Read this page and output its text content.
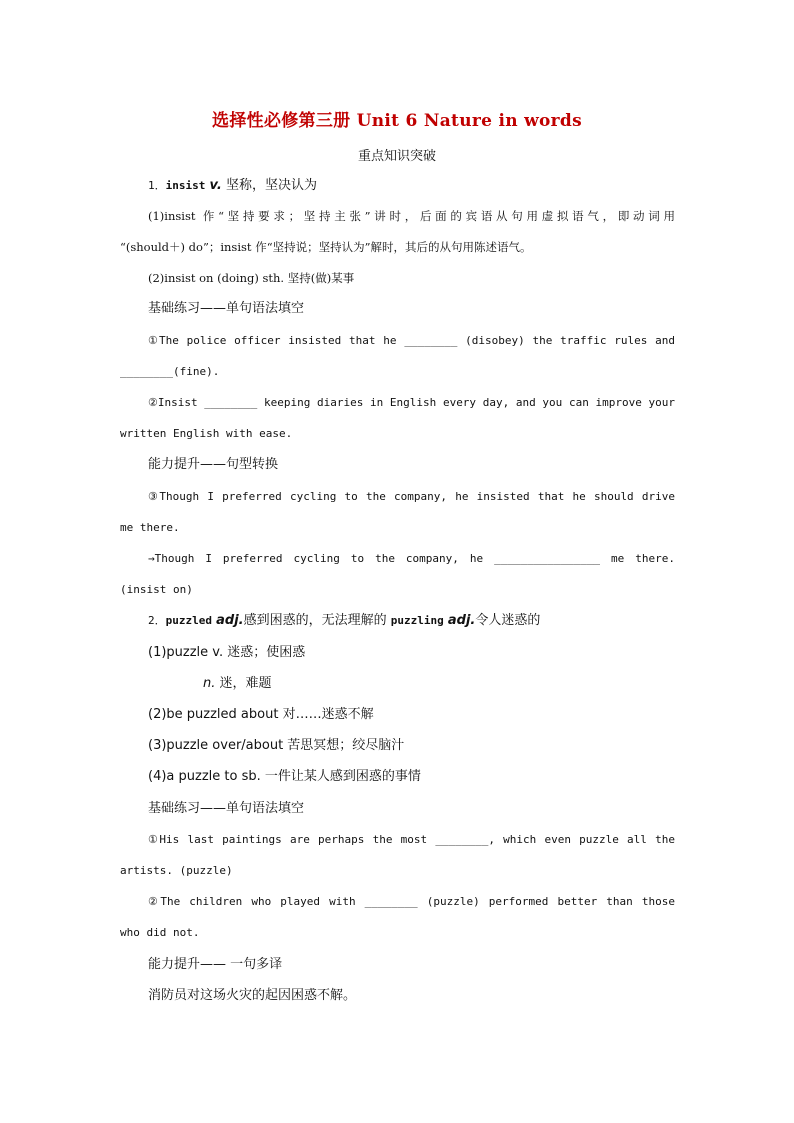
选择性必修第三册 Unit 6 Nature in words
重点知识突破
1．insist v. 坚称，坚决认为
(1)insist 作“坚持要求；坚持主张”讲时，后面的宾语从句用虚拟语气，即动词用
“(should＋) do”；insist 作“坚持说；坚持认为”解时，其后的从句用陈述语气。
(2)insist on (doing) sth. 坚持(做)某事
基础练习——单句语法填空
①The police officer insisted that he ________ (disobey) the traffic rules and
________(fine).
②Insist ________ keeping diaries in English every day, and you can improve your
written English with ease.
能力提升——句型转换
③Though I preferred cycling to the company, he insisted that he should drive
me there.
→Though I preferred cycling to the company, he ________________ me there.
(insist on)
2．puzzled adj.感到困惑的，无法理解的 puzzling adj.令人迷惑的
(1)puzzle v. 迷惑；使困惑
n. 迷，难题
(2)be puzzled about 对……迷惑不解
(3)puzzle over/about 苦思冥想；绞尽脑汁
(4)a puzzle to sb. 一件让某人感到困惑的事情
基础练习——单句语法填空
①His last paintings are perhaps the most ________, which even puzzle all the
artists. (puzzle)
②The children who played with ________ (puzzle) performed better than those
who did not.
能力提升—— 一句多译
消防员对这场火灾的起因困惑不解。
